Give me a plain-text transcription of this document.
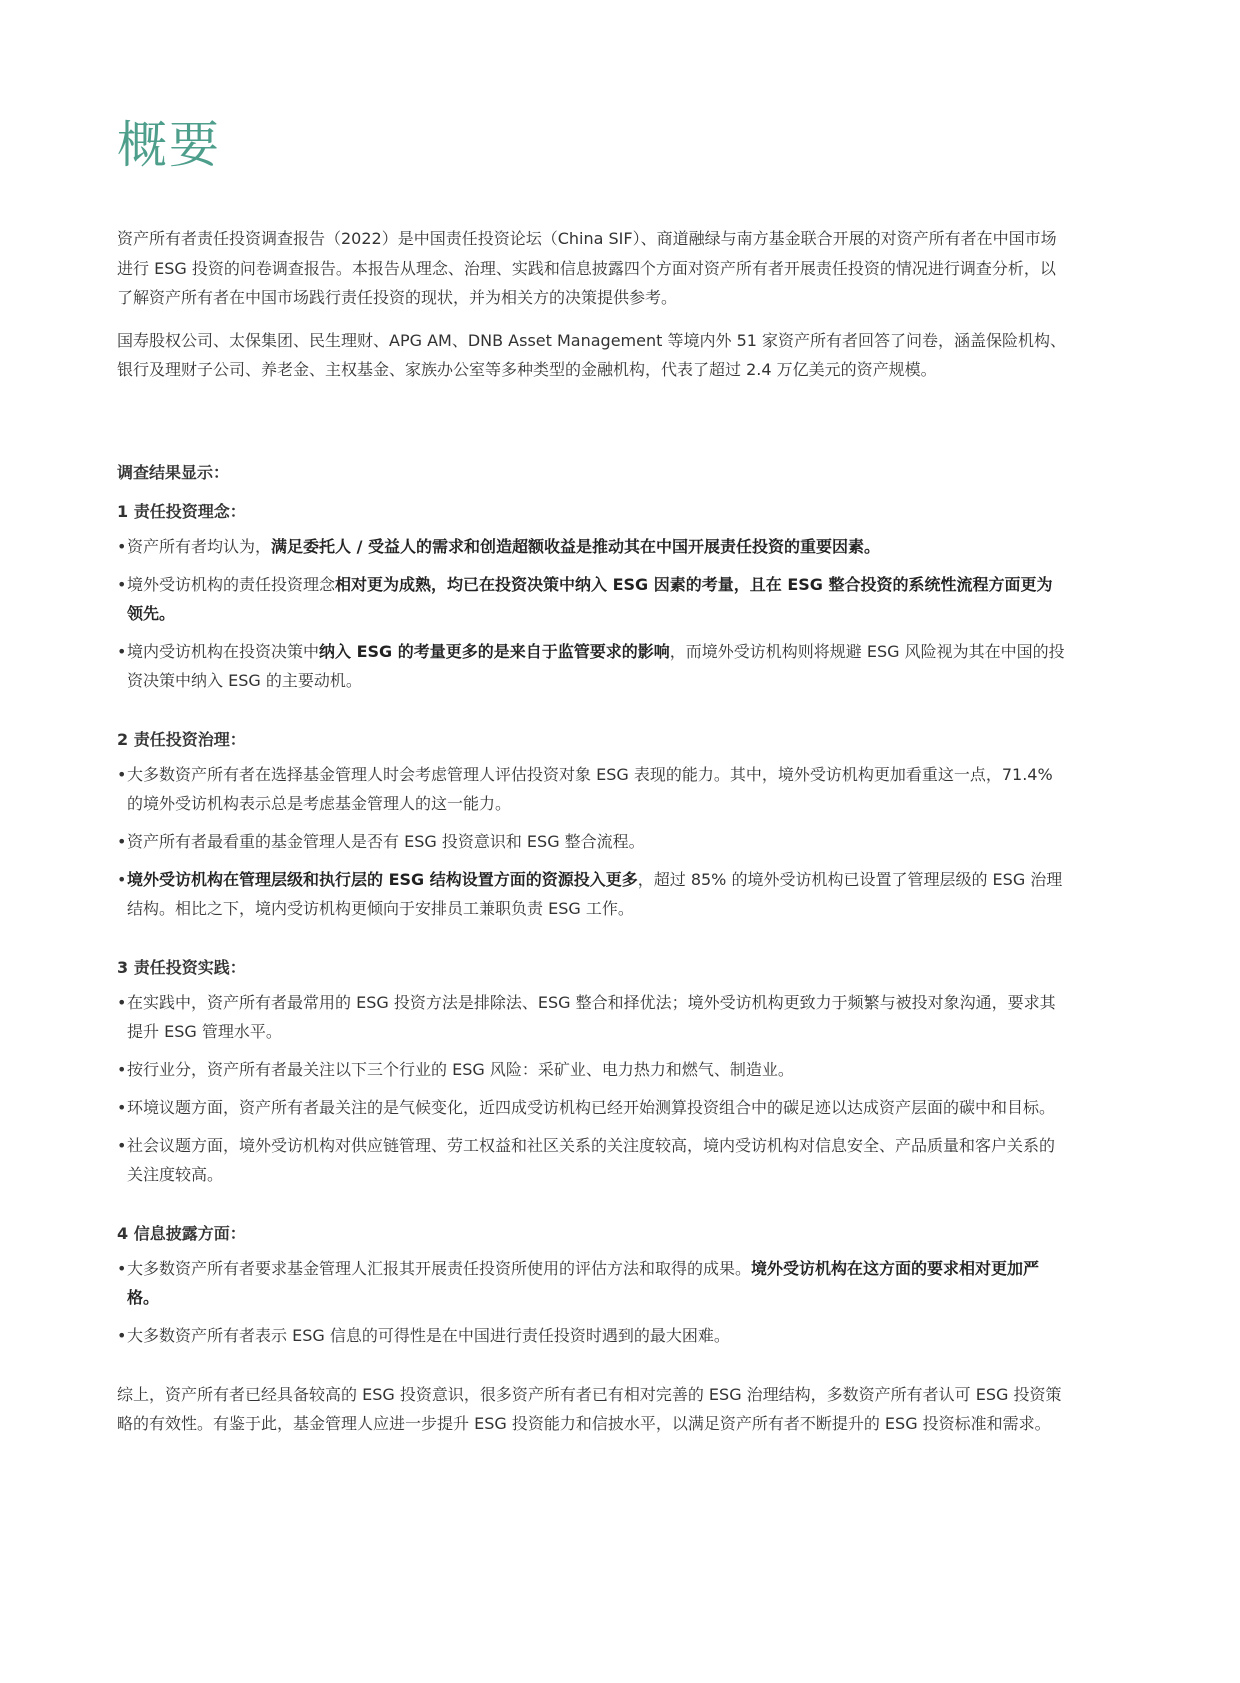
概要

资产所有者责任投资调查报告（2022）是中国责任投资论坛（China SIF）、商道融绿与南方基金联合开展的对资产所有者在中国市场进行 ESG 投资的问卷调查报告。本报告从理念、治理、实践和信息披露四个方面对资产所有者开展责任投资的情况进行调查分析，以了解资产所有者在中国市场践行责任投资的现状，并为相关方的决策提供参考。

国寿股权公司、太保集团、民生理财、APG AM、DNB Asset Management 等境内外 51 家资产所有者回答了问卷，涵盖保险机构、银行及理财子公司、养老金、主权基金、家族办公室等多种类型的金融机构，代表了超过 2.4 万亿美元的资产规模。

调查结果显示：
1 责任投资理念：
• 资产所有者均认为，满足委托人 / 受益人的需求和创造超额收益是推动其在中国开展责任投资的重要因素。
• 境外受访机构的责任投资理念相对更为成熟，均已在投资决策中纳入 ESG 因素的考量，且在 ESG 整合投资的系统性流程方面更为领先。
• 境内受访机构在投资决策中纳入 ESG 的考量更多的是来自于监管要求的影响，而境外受访机构则将规避 ESG 风险视为其在中国的投资决策中纳入 ESG 的主要动机。
2 责任投资治理：
• 大多数资产所有者在选择基金管理人时会考虑管理人评估投资对象 ESG 表现的能力。其中，境外受访机构更加看重这一点，71.4% 的境外受访机构表示总是考虑基金管理人的这一能力。
• 资产所有者最看重的基金管理人是否有 ESG 投资意识和 ESG 整合流程。
• 境外受访机构在管理层级和执行层的 ESG 结构设置方面的资源投入更多，超过 85% 的境外受访机构已设置了管理层级的 ESG 治理结构。相比之下，境内受访机构更倾向于安排员工兼职负责 ESG 工作。
3 责任投资实践：
• 在实践中，资产所有者最常用的 ESG 投资方法是排除法、ESG 整合和择优法；境外受访机构更致力于频繁与被投对象沟通，要求其提升 ESG 管理水平。
• 按行业分，资产所有者最关注以下三个行业的 ESG 风险：采矿业、电力热力和燃气、制造业。
• 环境议题方面，资产所有者最关注的是气候变化，近四成受访机构已经开始测算投资组合中的碳足迹以达成资产层面的碳中和目标。
• 社会议题方面，境外受访机构对供应链管理、劳工权益和社区关系的关注度较高，境内受访机构对信息安全、产品质量和客户关系的关注度较高。
4 信息披露方面：
• 大多数资产所有者要求基金管理人汇报其开展责任投资所使用的评估方法和取得的成果。境外受访机构在这方面的要求相对更加严格。
• 大多数资产所有者表示 ESG 信息的可得性是在中国进行责任投资时遇到的最大困难。

综上，资产所有者已经具备较高的 ESG 投资意识，很多资产所有者已有相对完善的 ESG 治理结构，多数资产所有者认可 ESG 投资策略的有效性。有鉴于此，基金管理人应进一步提升 ESG 投资能力和信披水平，以满足资产所有者不断提升的 ESG 投资标准和需求。
